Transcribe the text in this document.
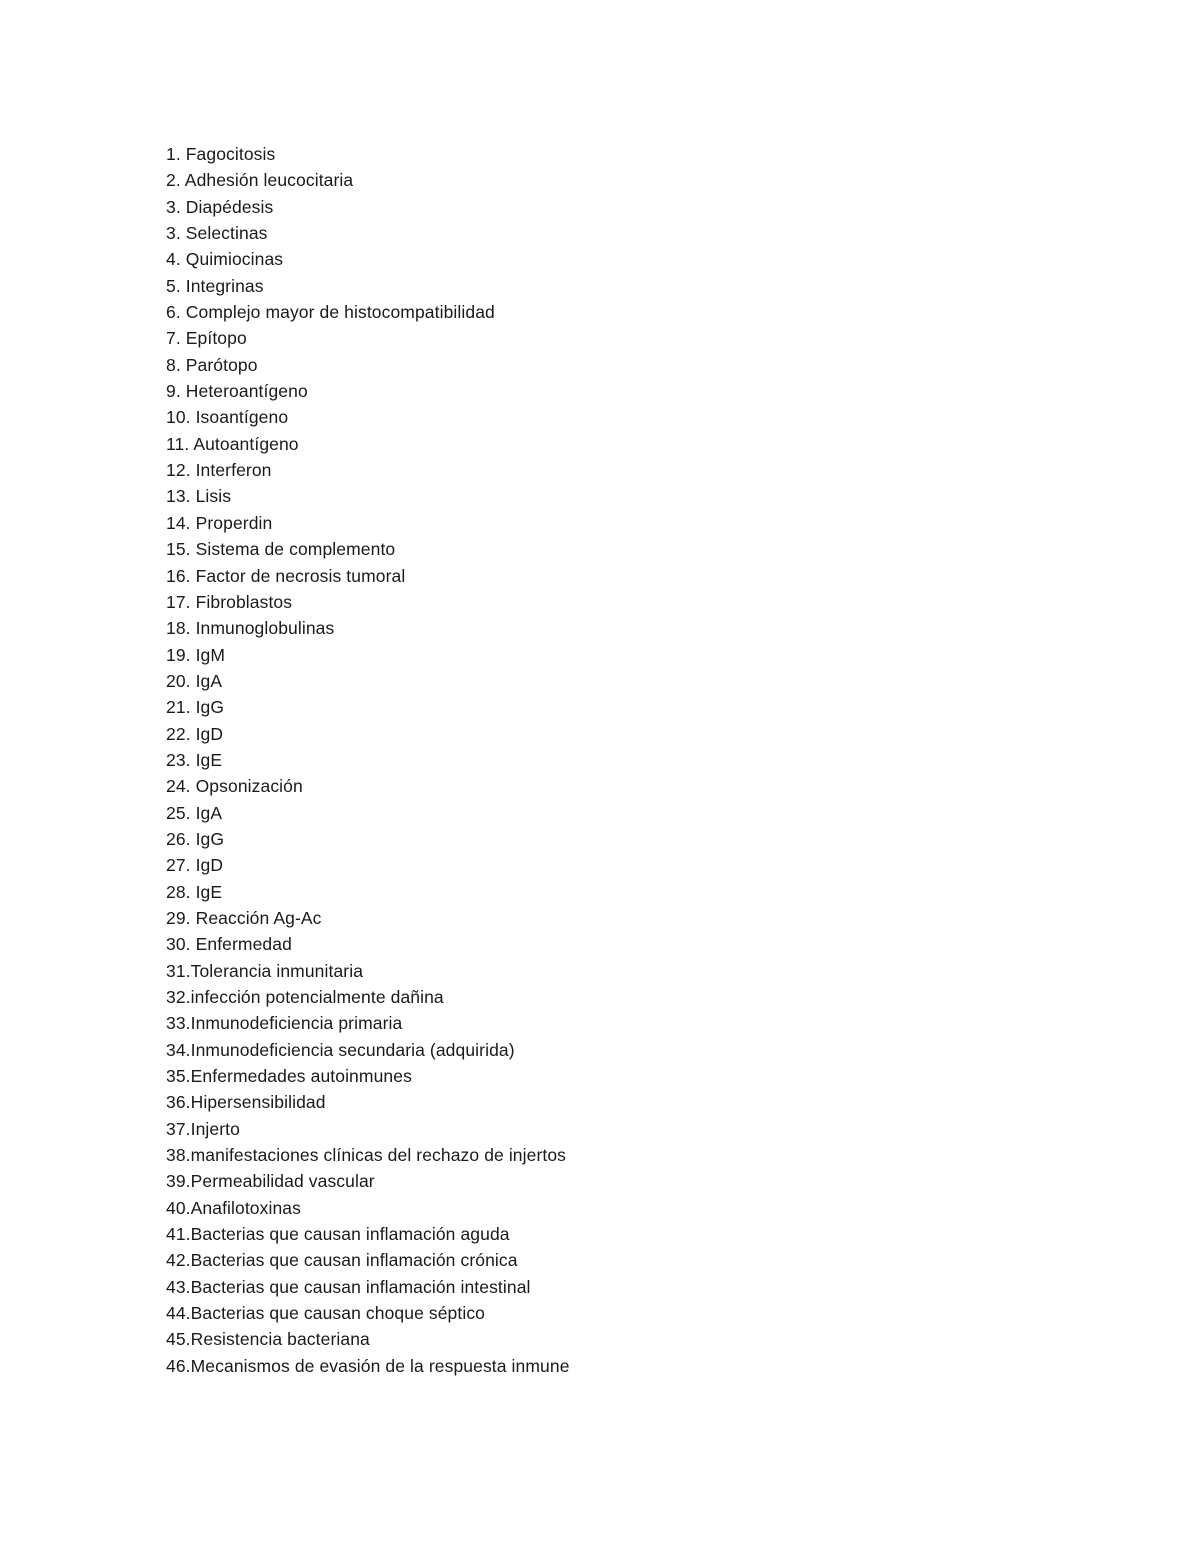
1. Fagocitosis
2. Adhesión leucocitaria
3. Diapédesis
3. Selectinas
4. Quimiocinas
5. Integrinas
6. Complejo mayor de histocompatibilidad
7. Epítopo
8. Parótopo
9. Heteroantígeno
10. Isoantígeno
11. Autoantígeno
12. Interferon
13. Lisis
14. Properdin
15. Sistema de complemento
16. Factor de necrosis tumoral
17. Fibroblastos
18. Inmunoglobulinas
19. IgM
20. IgA
21. IgG
22. IgD
23. IgE
24. Opsonización
25. IgA
26. IgG
27. IgD
28. IgE
29. Reacción Ag-Ac
30. Enfermedad
31.Tolerancia inmunitaria
32.infección potencialmente dañina
33.Inmunodeficiencia primaria
34.Inmunodeficiencia secundaria (adquirida)
35.Enfermedades autoinmunes
36.Hipersensibilidad
37.Injerto
38.manifestaciones clínicas del rechazo de injertos
39.Permeabilidad vascular
40.Anafilotoxinas
41.Bacterias que causan inflamación aguda
42.Bacterias que causan inflamación crónica
43.Bacterias que causan inflamación intestinal
44.Bacterias que causan choque séptico
45.Resistencia bacteriana
46.Mecanismos de evasión de la respuesta inmune
